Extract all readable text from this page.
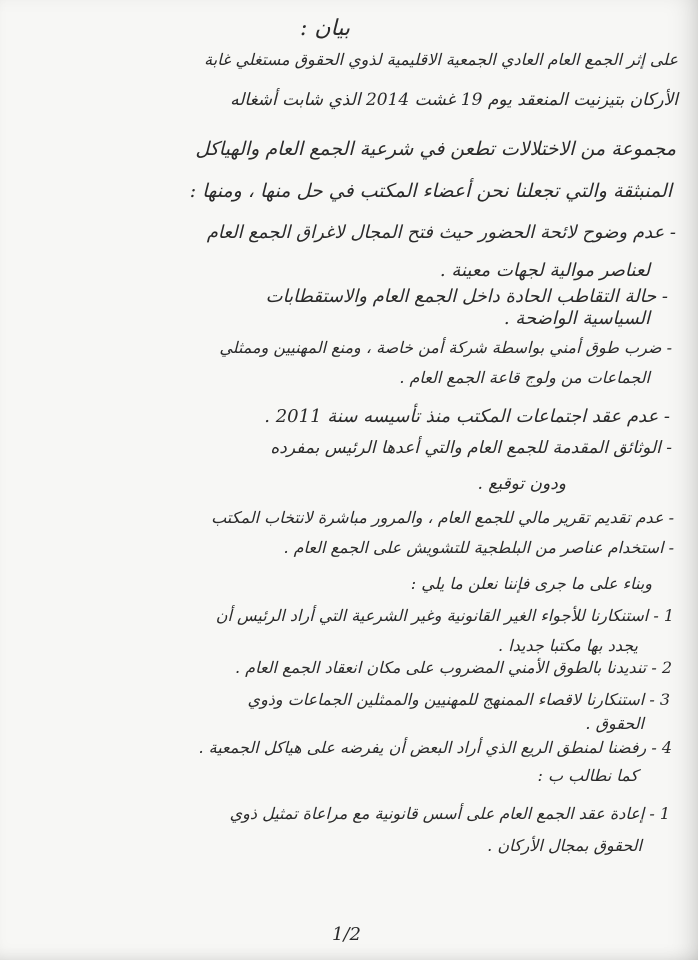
بيان :
على إثر الجمع العام العادي الجمعية الاقليمية لذوي الحقوق مستغلي غابة
الأركان بتيزنيت المنعقد يوم 19 غشت 2014 الذي شابت أشغاله
مجموعة من الاختلالات تطعن في شرعية الجمع العام والهياكل
المنبثقة والتي تجعلنا نحن أعضاء المكتب في حل منها ، ومنها :
- عدم وضوح لائحة الحضور حيث فتح المجال لاغراق الجمع العام
لعناصر موالية لجهات معينة .
- حالة التقاطب الحادة داخل الجمع العام والاستقطابات
السياسية الواضحة .
- ضرب طوق أمني بواسطة شركة أمن خاصة ، ومنع المهنيين وممثلي
الجماعات من ولوج قاعة الجمع العام .
- عدم عقد اجتماعات المكتب منذ تأسيسه سنة 2011 .
- الوثائق المقدمة للجمع العام والتي أعدها الرئيس بمفرده
ودون توقيع .
- عدم تقديم تقرير مالي للجمع العام ، والمرور مباشرة لانتخاب المكتب
- استخدام عناصر من البلطجية للتشويش على الجمع العام .
وبناء على ما جرى فإننا نعلن ما يلي :
1 - استنكارنا للأجواء الغير القانونية وغير الشرعية التي أراد الرئيس أن
يجدد بها مكتبا جديدا .
2 - تنديدنا بالطوق الأمني المضروب على مكان انعقاد الجمع العام .
3 - استنكارنا لاقصاء الممنهج للمهنيين والممثلين الجماعات وذوي
الحقوق .
4 - رفضنا لمنطق الريع الذي أراد البعض أن يفرضه على هياكل الجمعية .
كما نطالب ب :
1 - إعادة عقد الجمع العام على أسس قانونية مع مراعاة تمثيل ذوي
الحقوق بمجال الأركان .
1/2
